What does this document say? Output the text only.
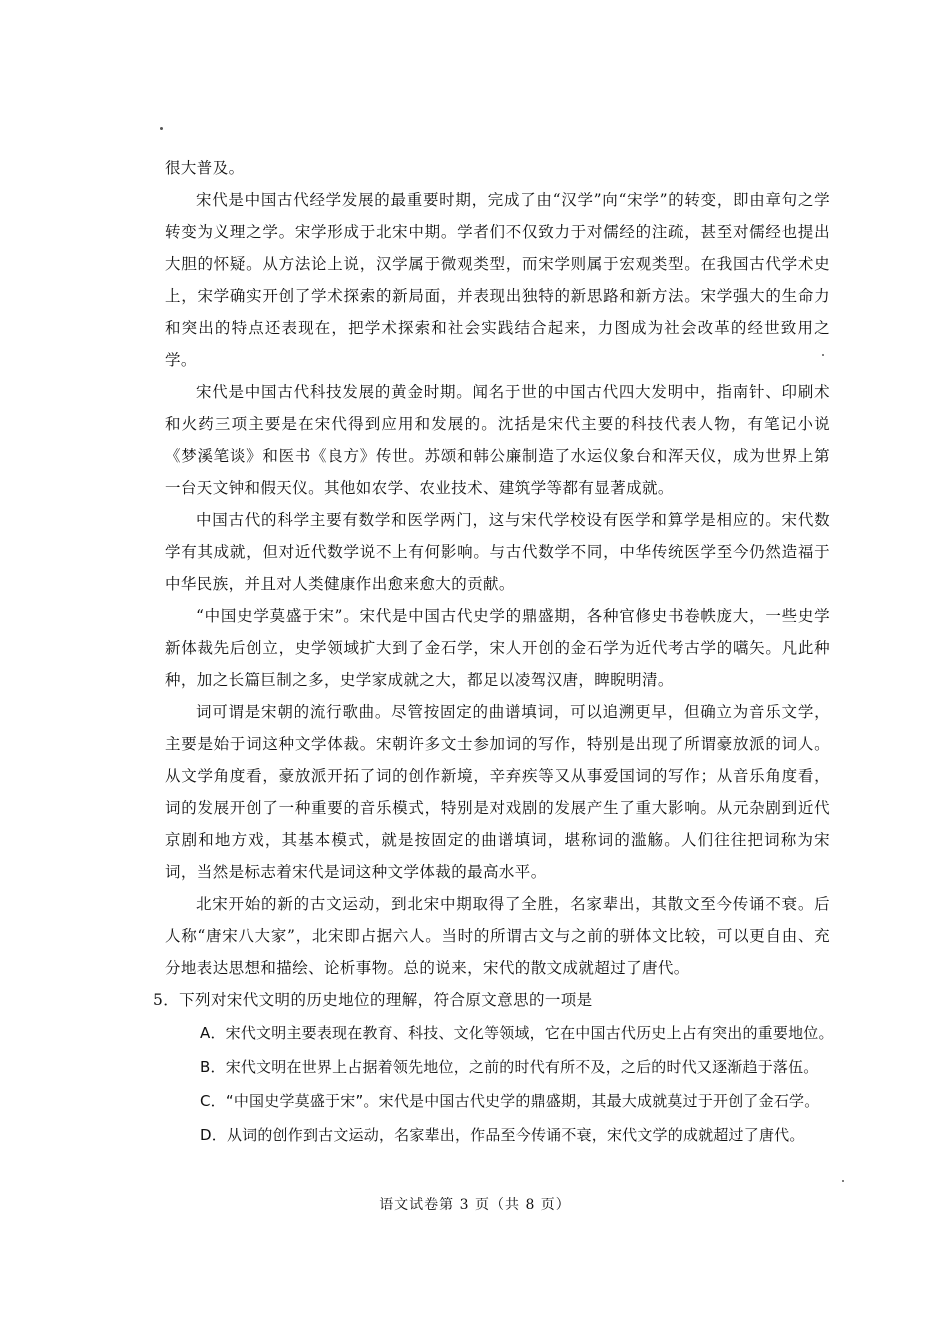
很大普及。

宋代是中国古代经学发展的最重要时期，完成了由“汉学”向“宋学”的转变，即由章句之学转变为义理之学。宋学形成于北宋中期。学者们不仅致力于对儒经的注疏，甚至对儒经也提出大胆的怀疑。从方法论上说，汉学属于微观类型，而宋学则属于宏观类型。在我国古代学术史上，宋学确实开创了学术探索的新局面，并表现出独特的新思路和新方法。宋学强大的生命力和突出的特点还表现在，把学术探索和社会实践结合起来，力图成为社会改革的经世致用之学。

宋代是中国古代科技发展的黄金时期。闻名于世的中国古代四大发明中，指南针、印刷术和火药三项主要是在宋代得到应用和发展的。沈括是宋代主要的科技代表人物，有笔记小说《梦溪笔谈》和医书《良方》传世。苏颂和韩公廉制造了水运仪象台和浑天仪，成为世界上第一台天文钟和假天仪。其他如农学、农业技术、建筑学等都有显著成就。

中国古代的科学主要有数学和医学两门，这与宋代学校设有医学和算学是相应的。宋代数学有其成就，但对近代数学说不上有何影响。与古代数学不同，中华传统医学至今仍然造福于中华民族，并且对人类健康作出愈来愈大的贡献。

“中国史学莫盛于宋”。宋代是中国古代史学的鼎盛期，各种官修史书卷帙庞大，一些史学新体裁先后创立，史学领域扩大到了金石学，宋人开创的金石学为近代考古学的嚆矢。凡此种种，加之长篇巨制之多，史学家成就之大，都足以凌驾汉唐，睥睨明清。

词可谓是宋朝的流行歌曲。尽管按固定的曲谱填词，可以追溯更早，但确立为音乐文学，主要是始于词这种文学体裁。宋朝许多文士参加词的写作，特别是出现了所谓豪放派的词人。从文学角度看，豪放派开拓了词的创作新境，辛弃疾等又从事爱国词的写作；从音乐角度看，词的发展开创了一种重要的音乐模式，特别是对戏剧的发展产生了重大影响。从元杂剧到近代京剧和地方戏，其基本模式，就是按固定的曲谱填词，堪称词的滥觞。人们往往把词称为宋词，当然是标志着宋代是词这种文学体裁的最高水平。

北宋开始的新的古文运动，到北宋中期取得了全胜，名家辈出，其散文至今传诵不衰。后人称“唐宋八大家”，北宋即占据六人。当时的所谓古文与之前的骈体文比较，可以更自由、充分地表达思想和描绘、论析事物。总的说来，宋代的散文成就超过了唐代。

5．下列对宋代文明的历史地位的理解，符合原文意思的一项是

A．宋代文明主要表现在教育、科技、文化等领域，它在中国古代历史上占有突出的重要地位。

B．宋代文明在世界上占据着领先地位，之前的时代有所不及，之后的时代又逐渐趋于落伍。

C．“中国史学莫盛于宋”。宋代是中国古代史学的鼎盛期，其最大成就莫过于开创了金石学。

D．从词的创作到古文运动，名家辈出，作品至今传诵不衰，宋代文学的成就超过了唐代。

语文试卷第 3 页（共 8 页）
